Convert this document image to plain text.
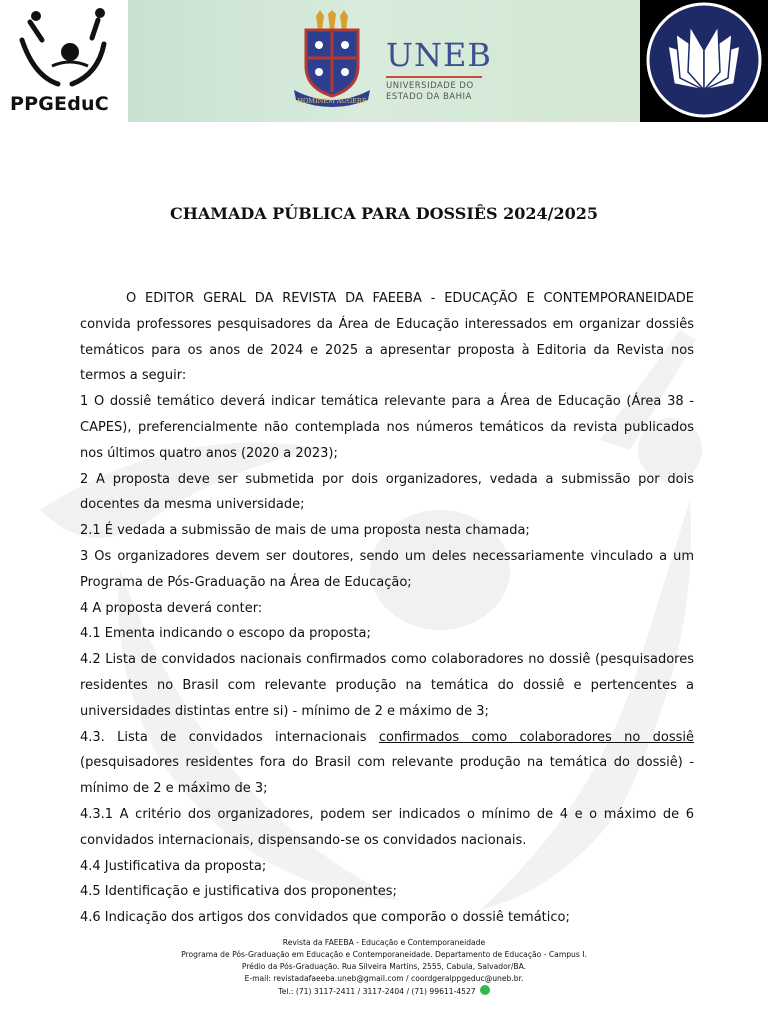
PPGEduC	HOMINEM AUGERE
UNEB
UNIVERSIDADE DO
ESTADO DA BAHIA
CHAMADA PÚBLICA PARA DOSSIÊS 2024/2025

O EDITOR GERAL DA REVISTA DA FAEEBA - EDUCAÇÃO E CONTEMPORANEIDADE convida professores pesquisadores da Área de Educação interessados em organizar dossiês temáticos para os anos de 2024 e 2025 a apresentar proposta à Editoria da Revista nos termos a seguir:

1 O dossiê temático deverá indicar temática relevante para a Área de Educação (Área 38 - CAPES), preferencialmente não contemplada nos números temáticos da revista publicados nos últimos quatro anos (2020 a 2023);

2 A proposta deve ser submetida por dois organizadores, vedada a submissão por dois docentes da mesma universidade;

2.1 É vedada a submissão de mais de uma proposta nesta chamada;

3 Os organizadores devem ser doutores, sendo um deles necessariamente vinculado a um Programa de Pós-Graduação na Área de Educação;

4 A proposta deverá conter:

4.1 Ementa indicando o escopo da proposta;

4.2 Lista de convidados nacionais confirmados como colaboradores no dossiê (pesquisadores residentes no Brasil com relevante produção na temática do dossiê e pertencentes a universidades distintas entre si) - mínimo de 2 e máximo de 3;

4.3. Lista de convidados internacionais confirmados como colaboradores no dossiê (pesquisadores residentes fora do Brasil com relevante produção na temática do dossiê) - mínimo de 2 e máximo de 3;

4.3.1 A critério dos organizadores, podem ser indicados o mínimo de 4 e o máximo de 6 convidados internacionais, dispensando-se os convidados nacionais.

4.4 Justificativa da proposta;

4.5 Identificação e justificativa dos proponentes;

4.6 Indicação dos artigos dos convidados que comporão o dossiê temático;

Revista da FAEEBA - Educação e Contemporaneidade
Programa de Pós-Graduação em Educação e Contemporaneidade. Departamento de Educação - Campus I.
Prédio da Pós-Graduação. Rua Silveira Martins, 2555, Cabula, Salvador/BA.
E-mail: revistadafaeeba.uneb@gmail.com / coordgeralppgeduc@uneb.br.
Tel.: (71) 3117-2411 / 3117-2404 / (71) 99611-4527
